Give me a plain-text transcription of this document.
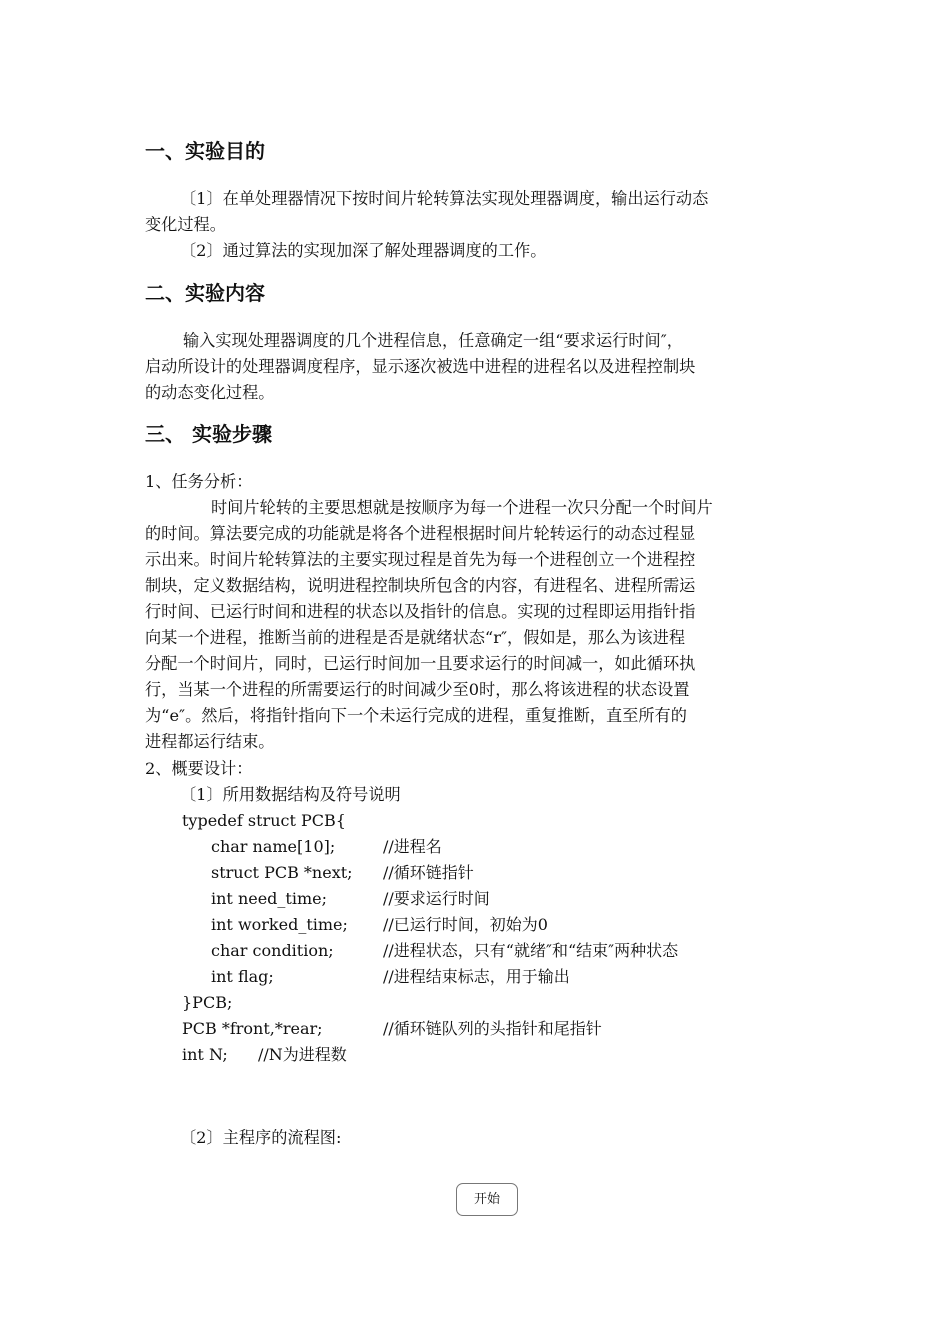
一、实验目的
〔1〕在单处理器情况下按时间片轮转算法实现处理器调度，输出运行动态
变化过程。
〔2〕通过算法的实现加深了解处理器调度的工作。
二、实验内容
输入实现处理器调度的几个进程信息，任意确定一组“要求运行时间″，
启动所设计的处理器调度程序，显示逐次被选中进程的进程名以及进程控制块
的动态变化过程。
三、 实验步骤
1、任务分析：
时间片轮转的主要思想就是按顺序为每一个进程一次只分配一个时间片
的时间。算法要完成的功能就是将各个进程根据时间片轮转运行的动态过程显
示出来。时间片轮转算法的主要实现过程是首先为每一个进程创立一个进程控
制块，定义数据结构，说明进程控制块所包含的内容，有进程名、进程所需运
行时间、已运行时间和进程的状态以及指针的信息。实现的过程即运用指针指
向某一个进程，推断当前的进程是否是就绪状态“r″，假如是，那么为该进程
分配一个时间片，同时，已运行时间加一且要求运行的时间减一，如此循环执
行，当某一个进程的所需要运行的时间减少至0时，那么将该进程的状态设置
为“e″。然后，将指针指向下一个未运行完成的进程，重复推断，直至所有的
进程都运行结束。
2、概要设计：
〔1〕所用数据结构及符号说明
typedef struct PCB{
char name[10];	//进程名
struct PCB *next; //循环链指针
int need_time;	//要求运行时间
int worked_time; //已运行时间，初始为0
char condition;	//进程状态，只有“就绪″和“结束″两种状态
int flag;	//进程结束标志，用于输出
}PCB;
PCB *front,*rear;	//循环链队列的头指针和尾指针
int N; //N为进程数
〔2〕主程序的流程图:
开始
